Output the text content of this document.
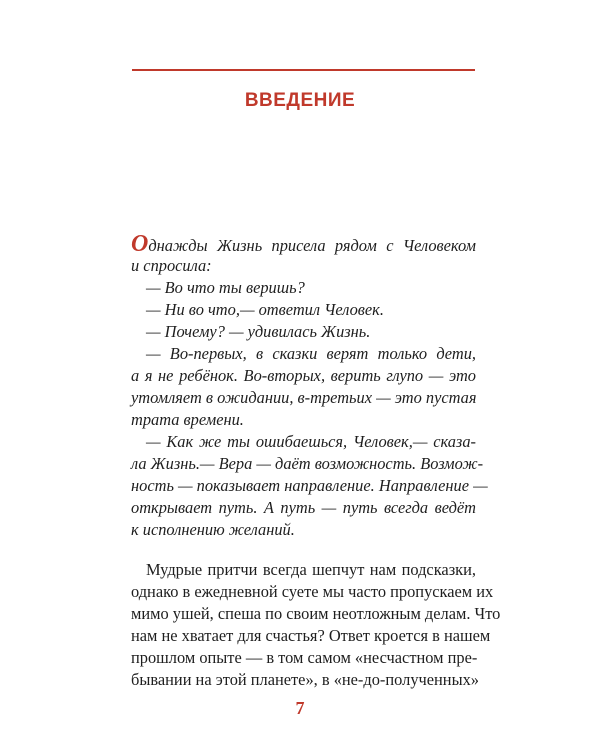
ВВЕДЕНИЕ
Однажды Жизнь присела рядом с Человеком
и спросила:
— Во что ты веришь?
— Ни во что,— ответил Человек.
— Почему? — удивилась Жизнь.
— Во-первых, в сказки верят только дети,
а я не ребёнок. Во-вторых, верить глупо — это
утомляет в ожидании, в-третьих — это пустая
трата времени.
— Как же ты ошибаешься, Человек,— сказа-
ла Жизнь.— Вера — даёт возможность. Возмож-
ность — показывает направление. Направление —
открывает путь. А путь — путь всегда ведёт
к исполнению желаний.
Мудрые притчи всегда шепчут нам подсказки,
однако в ежедневной суете мы часто пропускаем их
мимо ушей, спеша по своим неотложным делам. Что
нам не хватает для счастья? Ответ кроется в нашем
прошлом опыте — в том самом «несчастном пре-
бывании на этой планете», в «не-до-полученных»
7
